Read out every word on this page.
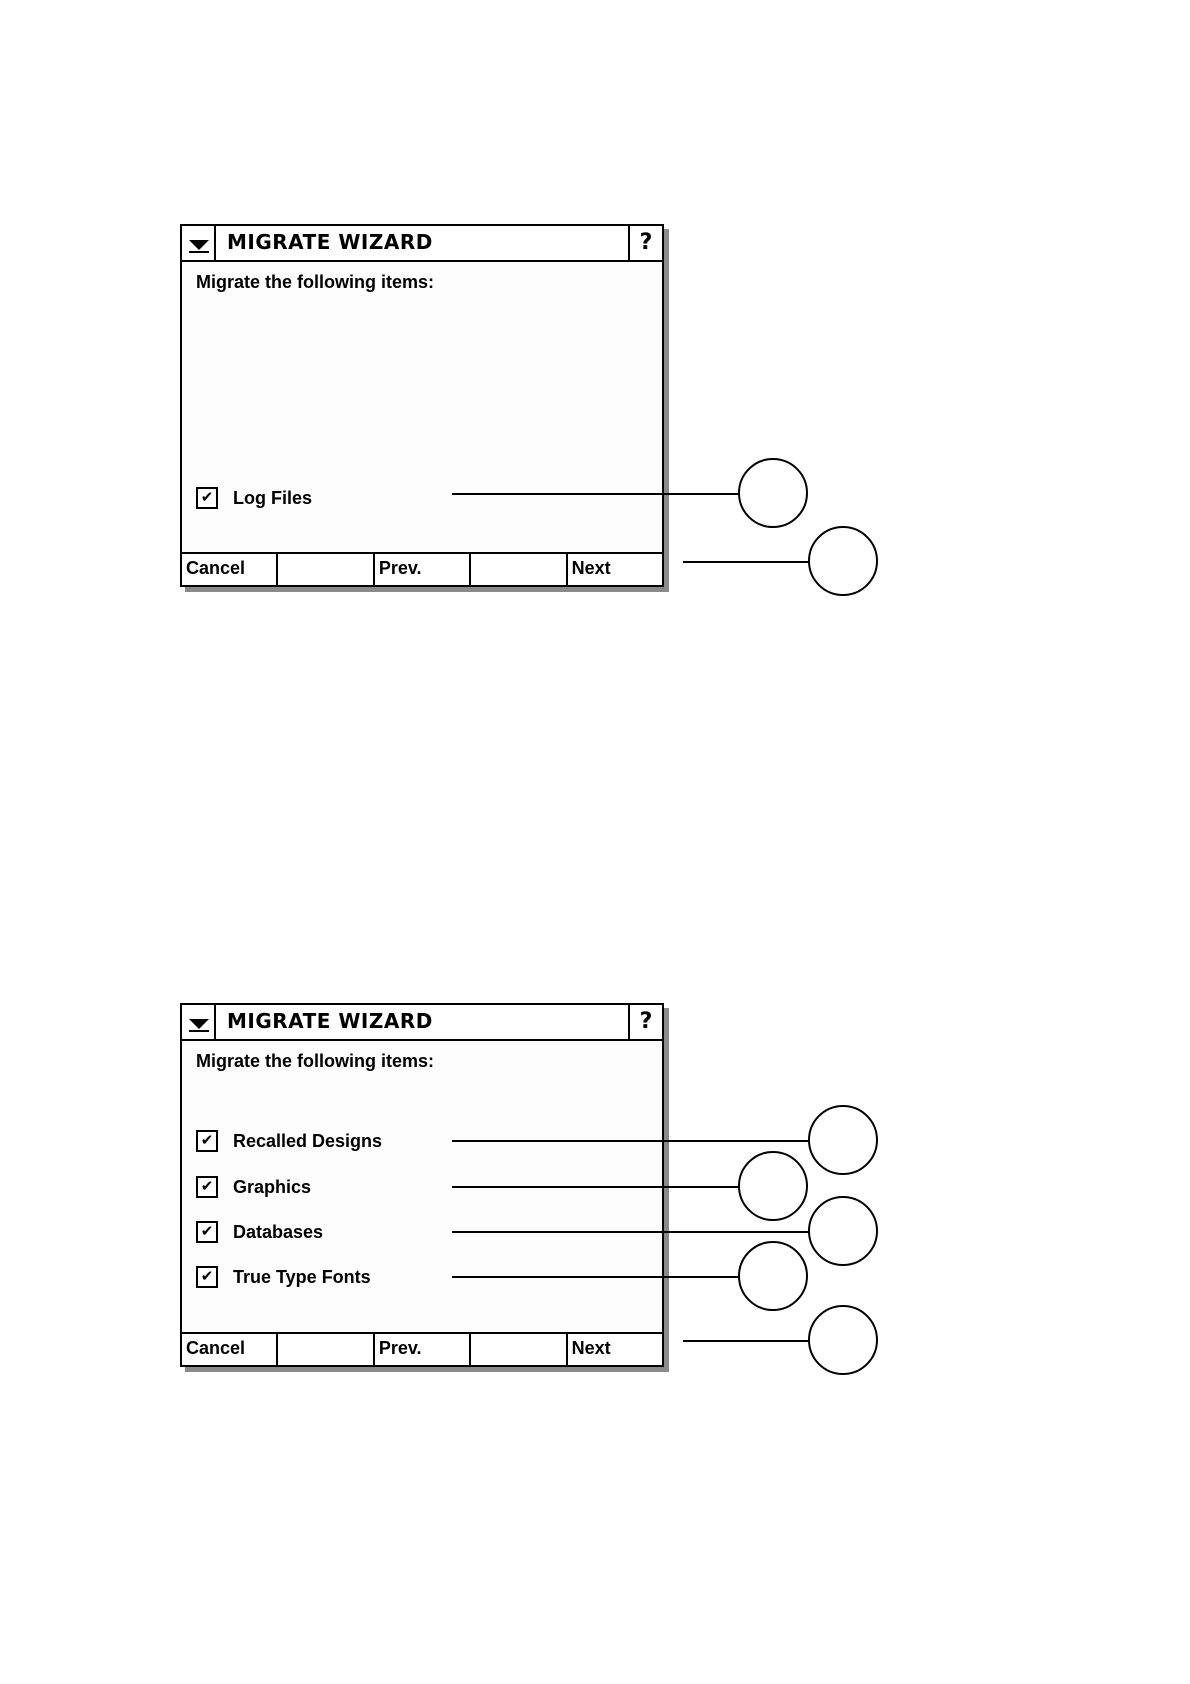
MIGRATE WIZARD	?
Migrate the following items:
✔ Log Files
Cancel	Prev.	Next
MIGRATE WIZARD	?
Migrate the following items:
✔ Recalled Designs
✔ Graphics
✔ Databases
✔ True Type Fonts
Cancel	Prev.	Next
